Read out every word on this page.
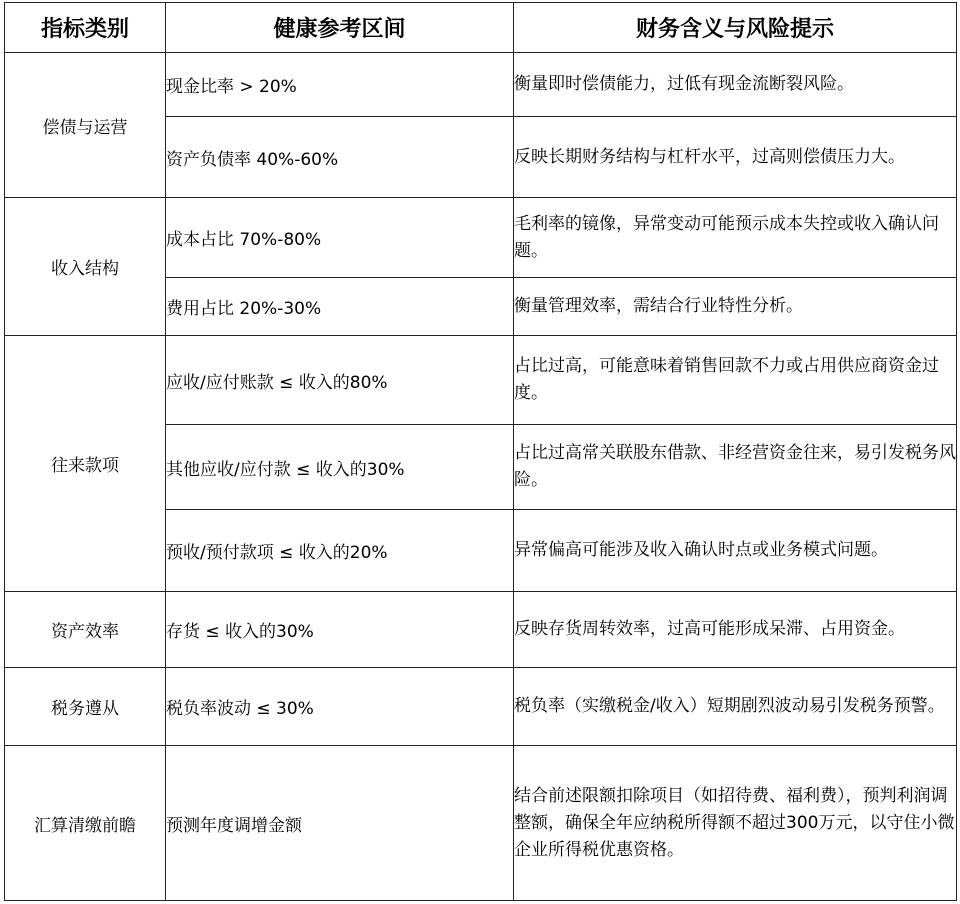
指标类别	健康参考区间	财务含义与风险提示
偿债与运营	现金比率 > 20%	衡量即时偿债能力，过低有现金流断裂风险。
	资产负债率 40%-60%	反映长期财务结构与杠杆水平，过高则偿债压力大。
收入结构	成本占比 70%-80%	毛利率的镜像，异常变动可能预示成本失控或收入确认问题。
	费用占比 20%-30%	衡量管理效率，需结合行业特性分析。
往来款项	应收/应付账款 ≤ 收入的80%	占比过高，可能意味着销售回款不力或占用供应商资金过度。
	其他应收/应付款 ≤ 收入的30%	占比过高常关联股东借款、非经营资金往来，易引发税务风险。
	预收/预付款项 ≤ 收入的20%	异常偏高可能涉及收入确认时点或业务模式问题。
资产效率	存货 ≤ 收入的30%	反映存货周转效率，过高可能形成呆滞、占用资金。
税务遵从	税负率波动 ≤ 30%	税负率（实缴税金/收入）短期剧烈波动易引发税务预警。
汇算清缴前瞻	预测年度调增金额	结合前述限额扣除项目（如招待费、福利费），预判利润调整额，确保全年应纳税所得额不超过300万元，以守住小微企业所得税优惠资格。
